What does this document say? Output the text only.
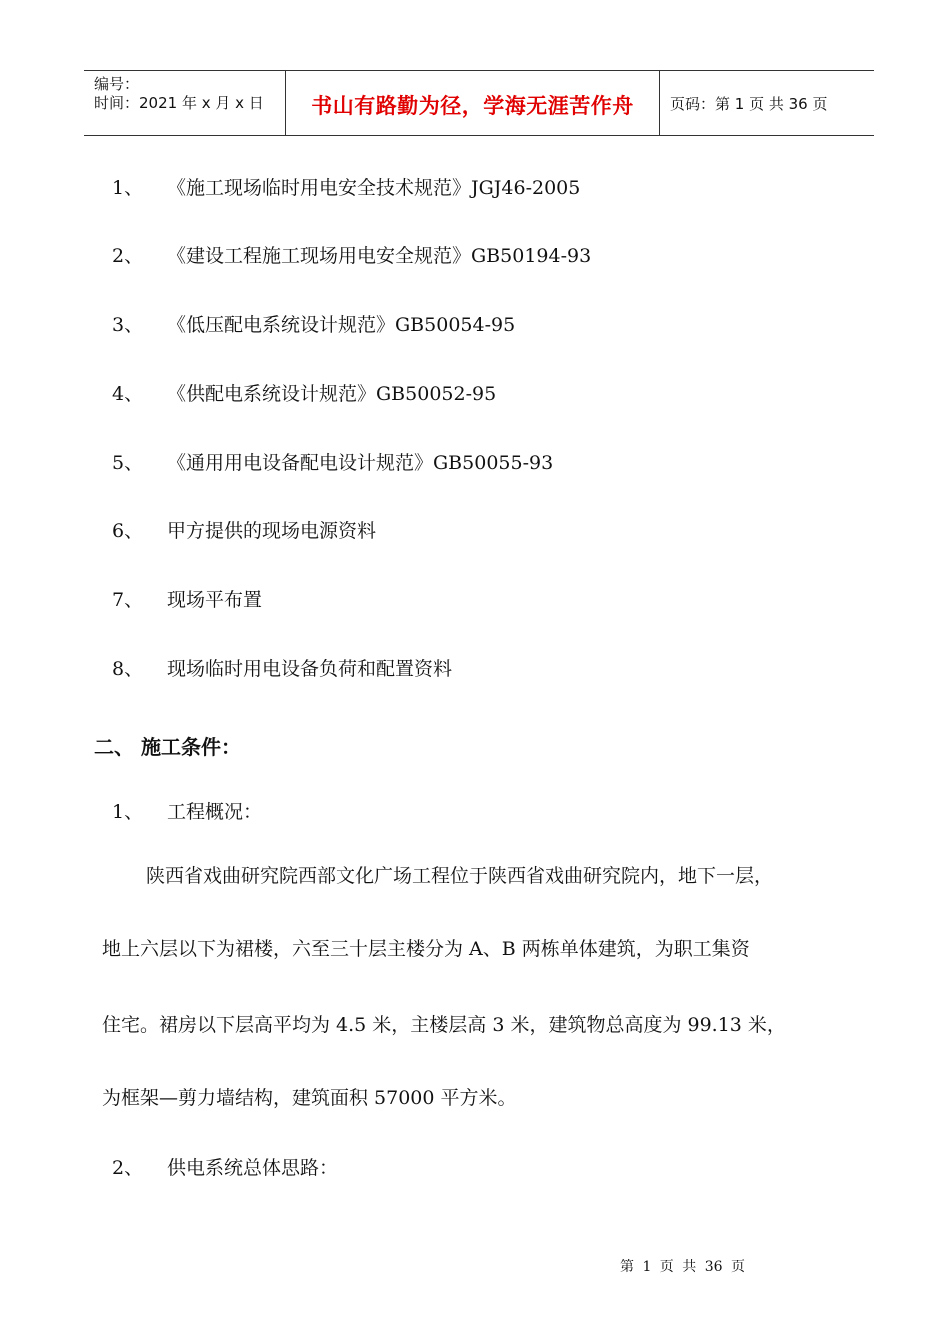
编号：
时间：2021 年 x 月 x 日	书山有路勤为径，学海无涯苦作舟 页码：第 1 页 共 36 页
1、 《施工现场临时用电安全技术规范》JGJ46-2005
2、 《建设工程施工现场用电安全规范》GB50194-93
3、 《低压配电系统设计规范》GB50054-95
4、 《供配电系统设计规范》GB50052-95
5、 《通用用电设备配电设计规范》GB50055-93
6、 甲方提供的现场电源资料
7、 现场平布置
8、 现场临时用电设备负荷和配置资料
二、 施工条件：
1、 工程概况：
陕西省戏曲研究院西部文化广场工程位于陕西省戏曲研究院内，地下一层，
地上六层以下为裙楼，六至三十层主楼分为 A、B 两栋单体建筑，为职工集资
住宅。裙房以下层高平均为 4.5 米，主楼层高 3 米，建筑物总高度为 99.13 米，
为框架—剪力墙结构，建筑面积 57000 平方米。
2、 供电系统总体思路：
第 1 页 共 36 页
